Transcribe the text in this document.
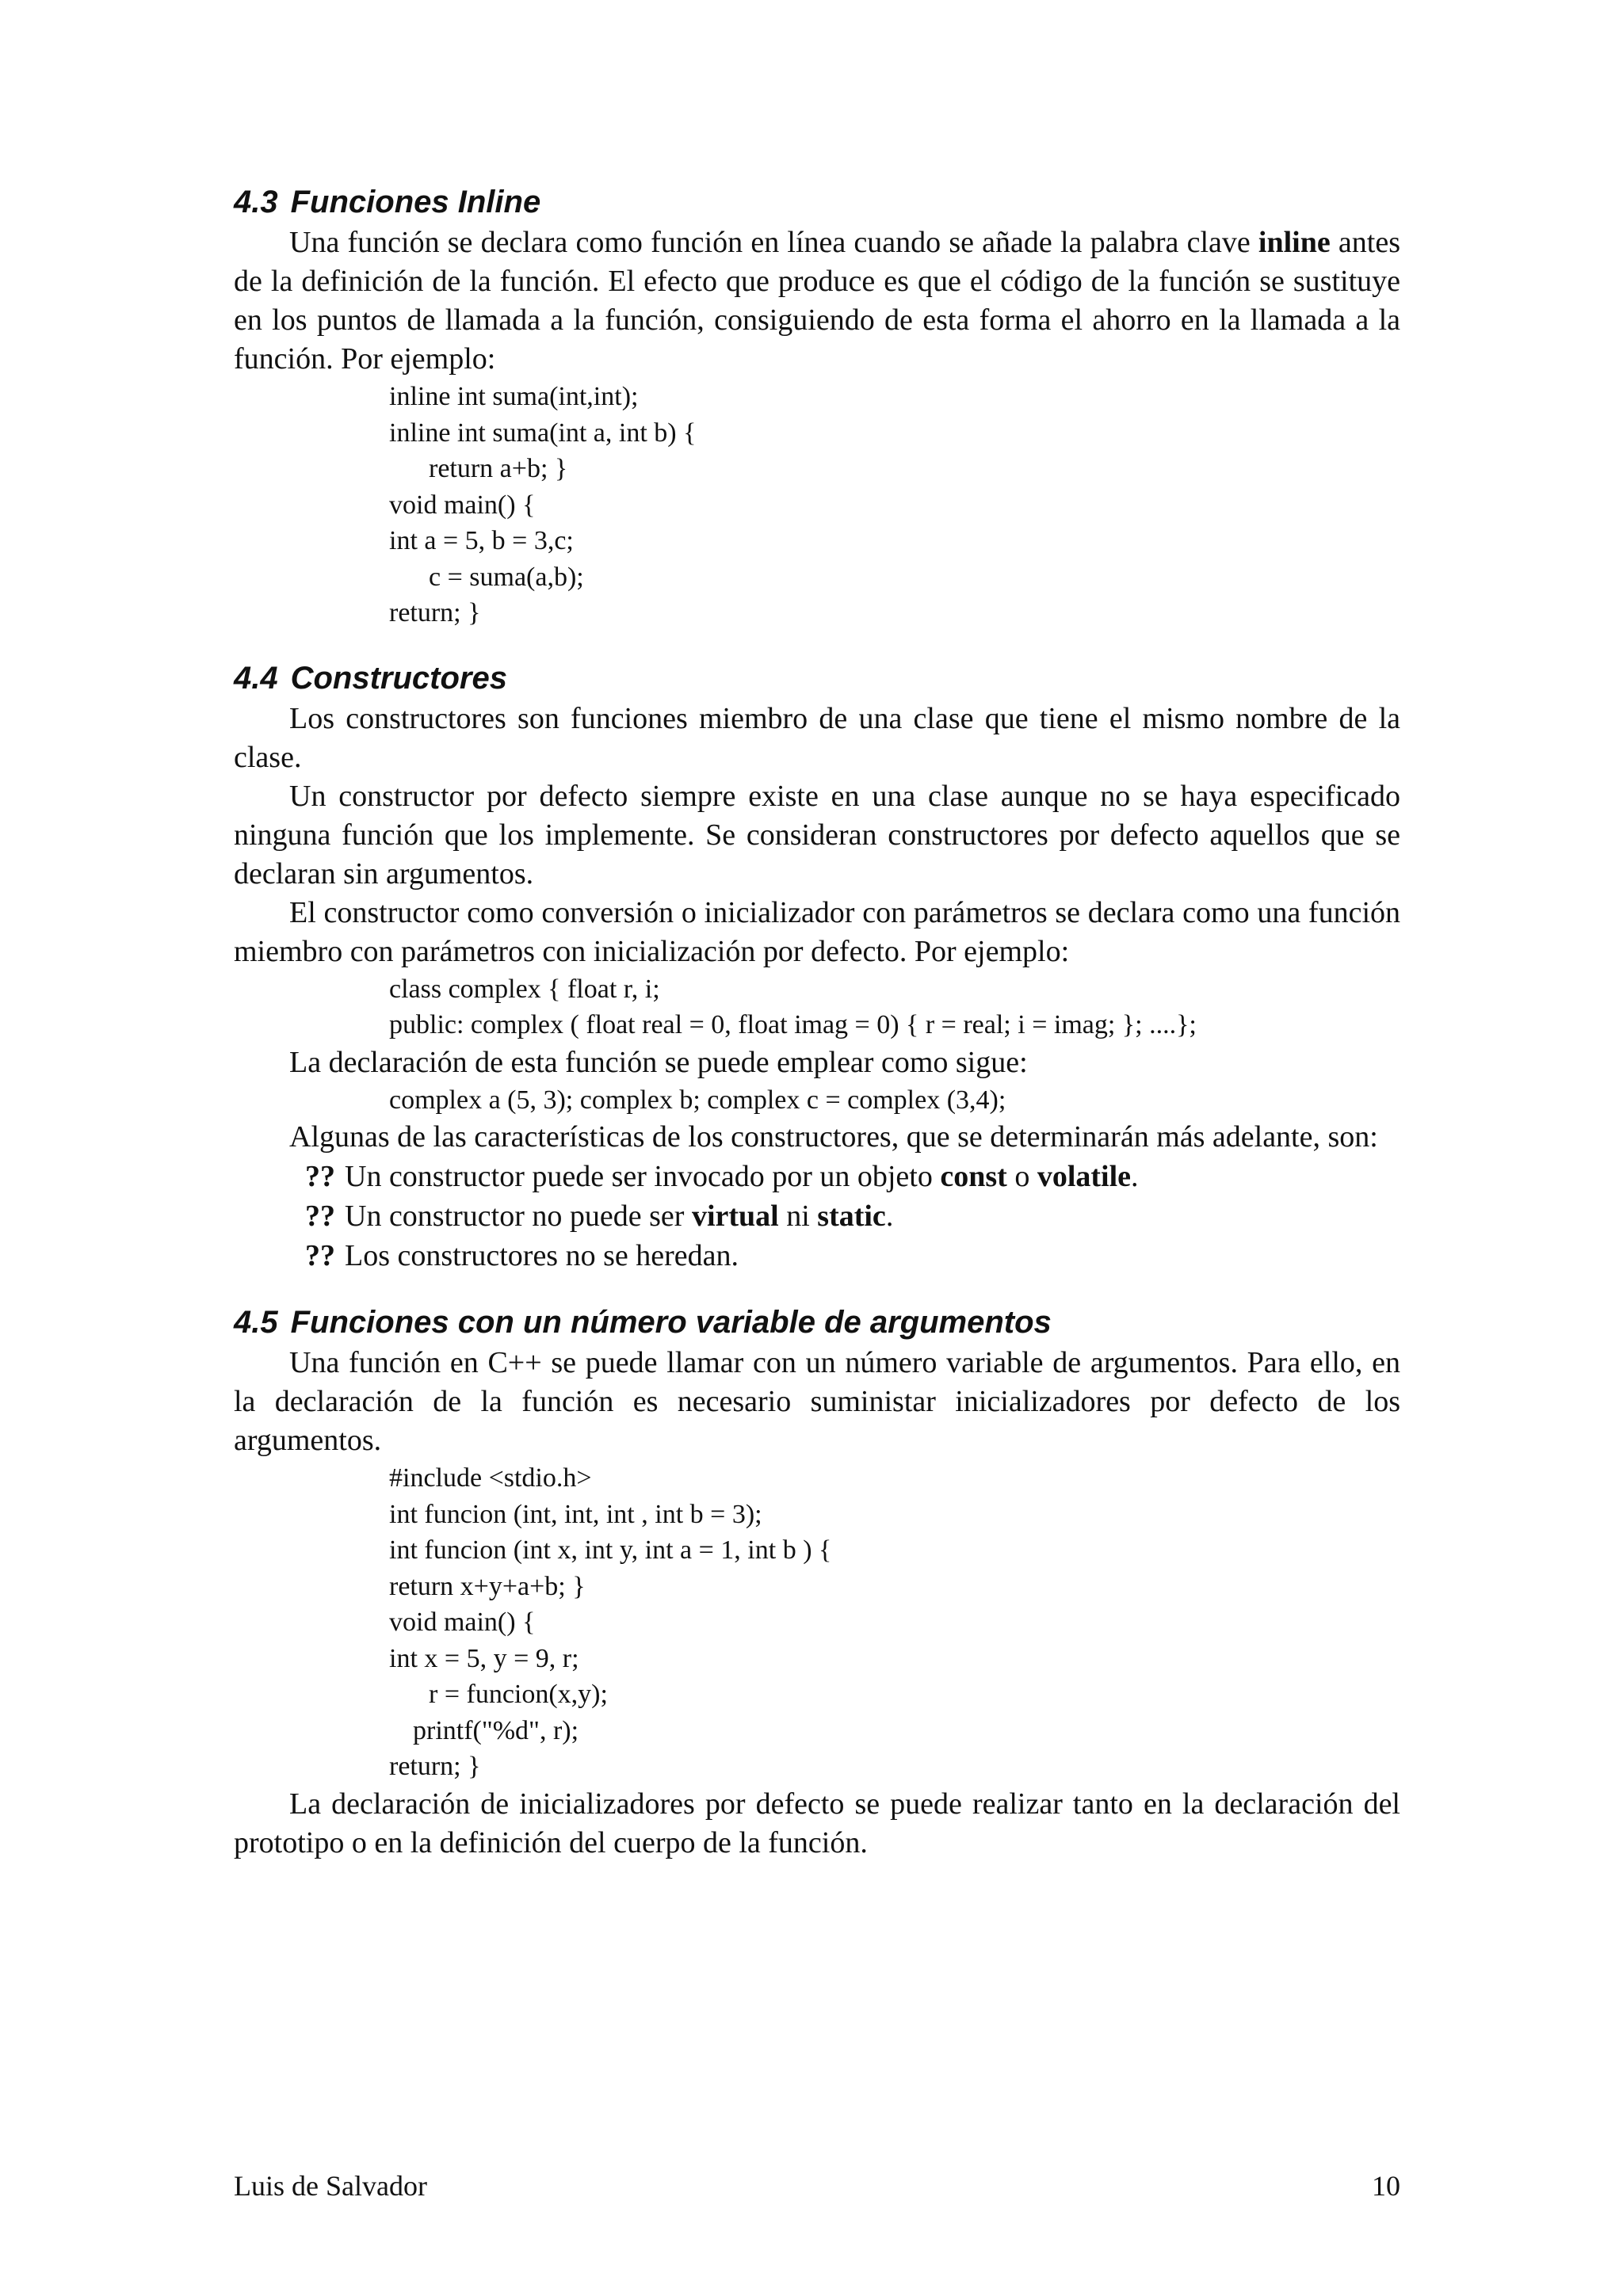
4.3 Funciones Inline

Una función se declara como función en línea cuando se añade la palabra clave inline antes de la definición de la función. El efecto que produce es que el código de la función se sustituye en los puntos de llamada a la función, consiguiendo de esta forma el ahorro en la llamada a la función. Por ejemplo:

inline int suma(int,int);
inline int suma(int a, int b) {
return a+b; }
void main() {
int a = 5, b = 3,c;
c = suma(a,b);
return; }
4.4 Constructores

Los constructores son funciones miembro de una clase que tiene el mismo nombre de la clase.

Un constructor por defecto siempre existe en una clase aunque no se haya especificado ninguna función que los implemente. Se consideran constructores por defecto aquellos que se declaran sin argumentos.

El constructor como conversión o inicializador con parámetros se declara como una función miembro con parámetros con inicialización por defecto. Por ejemplo:

class complex { float r, i;
public: complex ( float real = 0, float imag = 0) { r = real; i = imag; }; ....};

La declaración de esta función se puede emplear como sigue:

complex a (5, 3); complex b; complex c = complex (3,4);

Algunas de las características de los constructores, que se determinarán más adelante, son:

?? Un constructor puede ser invocado por un objeto const o volatile.
?? Un constructor no puede ser virtual ni static.
?? Los constructores no se heredan.
4.5 Funciones con un número variable de argumentos

Una función en C++ se puede llamar con un número variable de argumentos. Para ello, en la declaración de la función es necesario suministar inicializadores por defecto de los argumentos.

#include <stdio.h>
int funcion (int, int, int , int b = 3);
int funcion (int x, int y, int a = 1, int b ) {
return x+y+a+b; }
void main() {
int x = 5, y = 9, r;
r = funcion(x,y);
printf("%d", r);
return; }

La declaración de inicializadores por defecto se puede realizar tanto en la declaración del prototipo o en la definición del cuerpo de la función.

Luis de Salvador	10
